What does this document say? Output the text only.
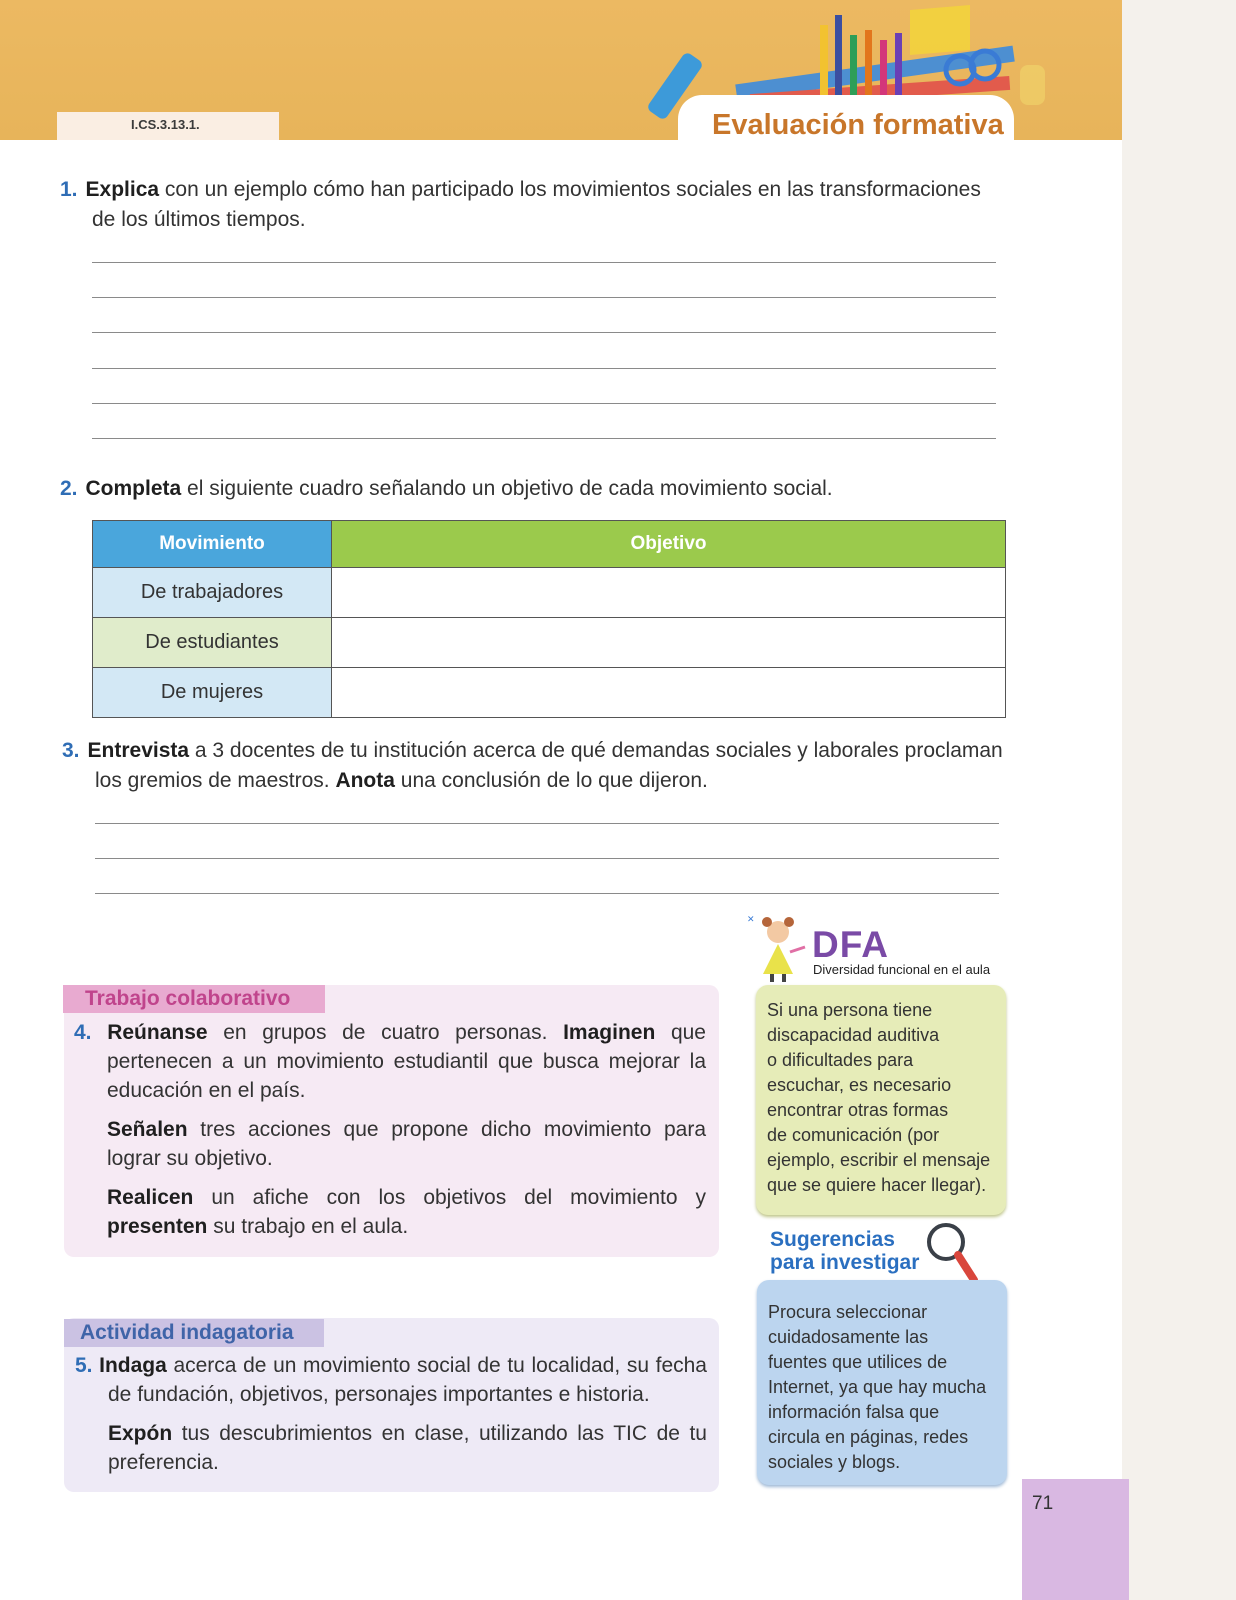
I.CS.3.13.1.	Evaluación formativa
1. Explica con un ejemplo cómo han participado los movimientos sociales en las transformaciones
de los últimos tiempos.
2. Completa el siguiente cuadro señalando un objetivo de cada movimiento social.
Movimiento	Objetivo
De trabajadores	
De estudiantes	
De mujeres	
3. Entrevista a 3 docentes de tu institución acerca de qué demandas sociales y laborales proclaman
los gremios de maestros. Anota una conclusión de lo que dijeron.
Trabajo colaborativo
4. Reúnanse en grupos de cuatro personas. Imaginen que pertenecen a un movimiento estudiantil que busca mejorar la educación en el país.
Señalen tres acciones que propone dicho movimiento para lograr su objetivo.
Realicen un afiche con los objetivos del movimiento y presenten su trabajo en el aula.
Actividad indagatoria
5. Indaga acerca de un movimiento social de tu localidad, su fecha de fundación, objetivos, personajes importantes e historia.
Expón tus descubrimientos en clase, utilizando las TIC de tu preferencia.
✕
DFA
Diversidad funcional en el aula
Si una persona tiene
discapacidad auditiva
o dificultades para
escuchar, es necesario
encontrar otras formas
de comunicación (por
ejemplo, escribir el mensaje
que se quiere hacer llegar).
Sugerencias
para investigar
Procura seleccionar
cuidadosamente las
fuentes que utilices de
Internet, ya que hay mucha
información falsa que
circula en páginas, redes
sociales y blogs.
71
